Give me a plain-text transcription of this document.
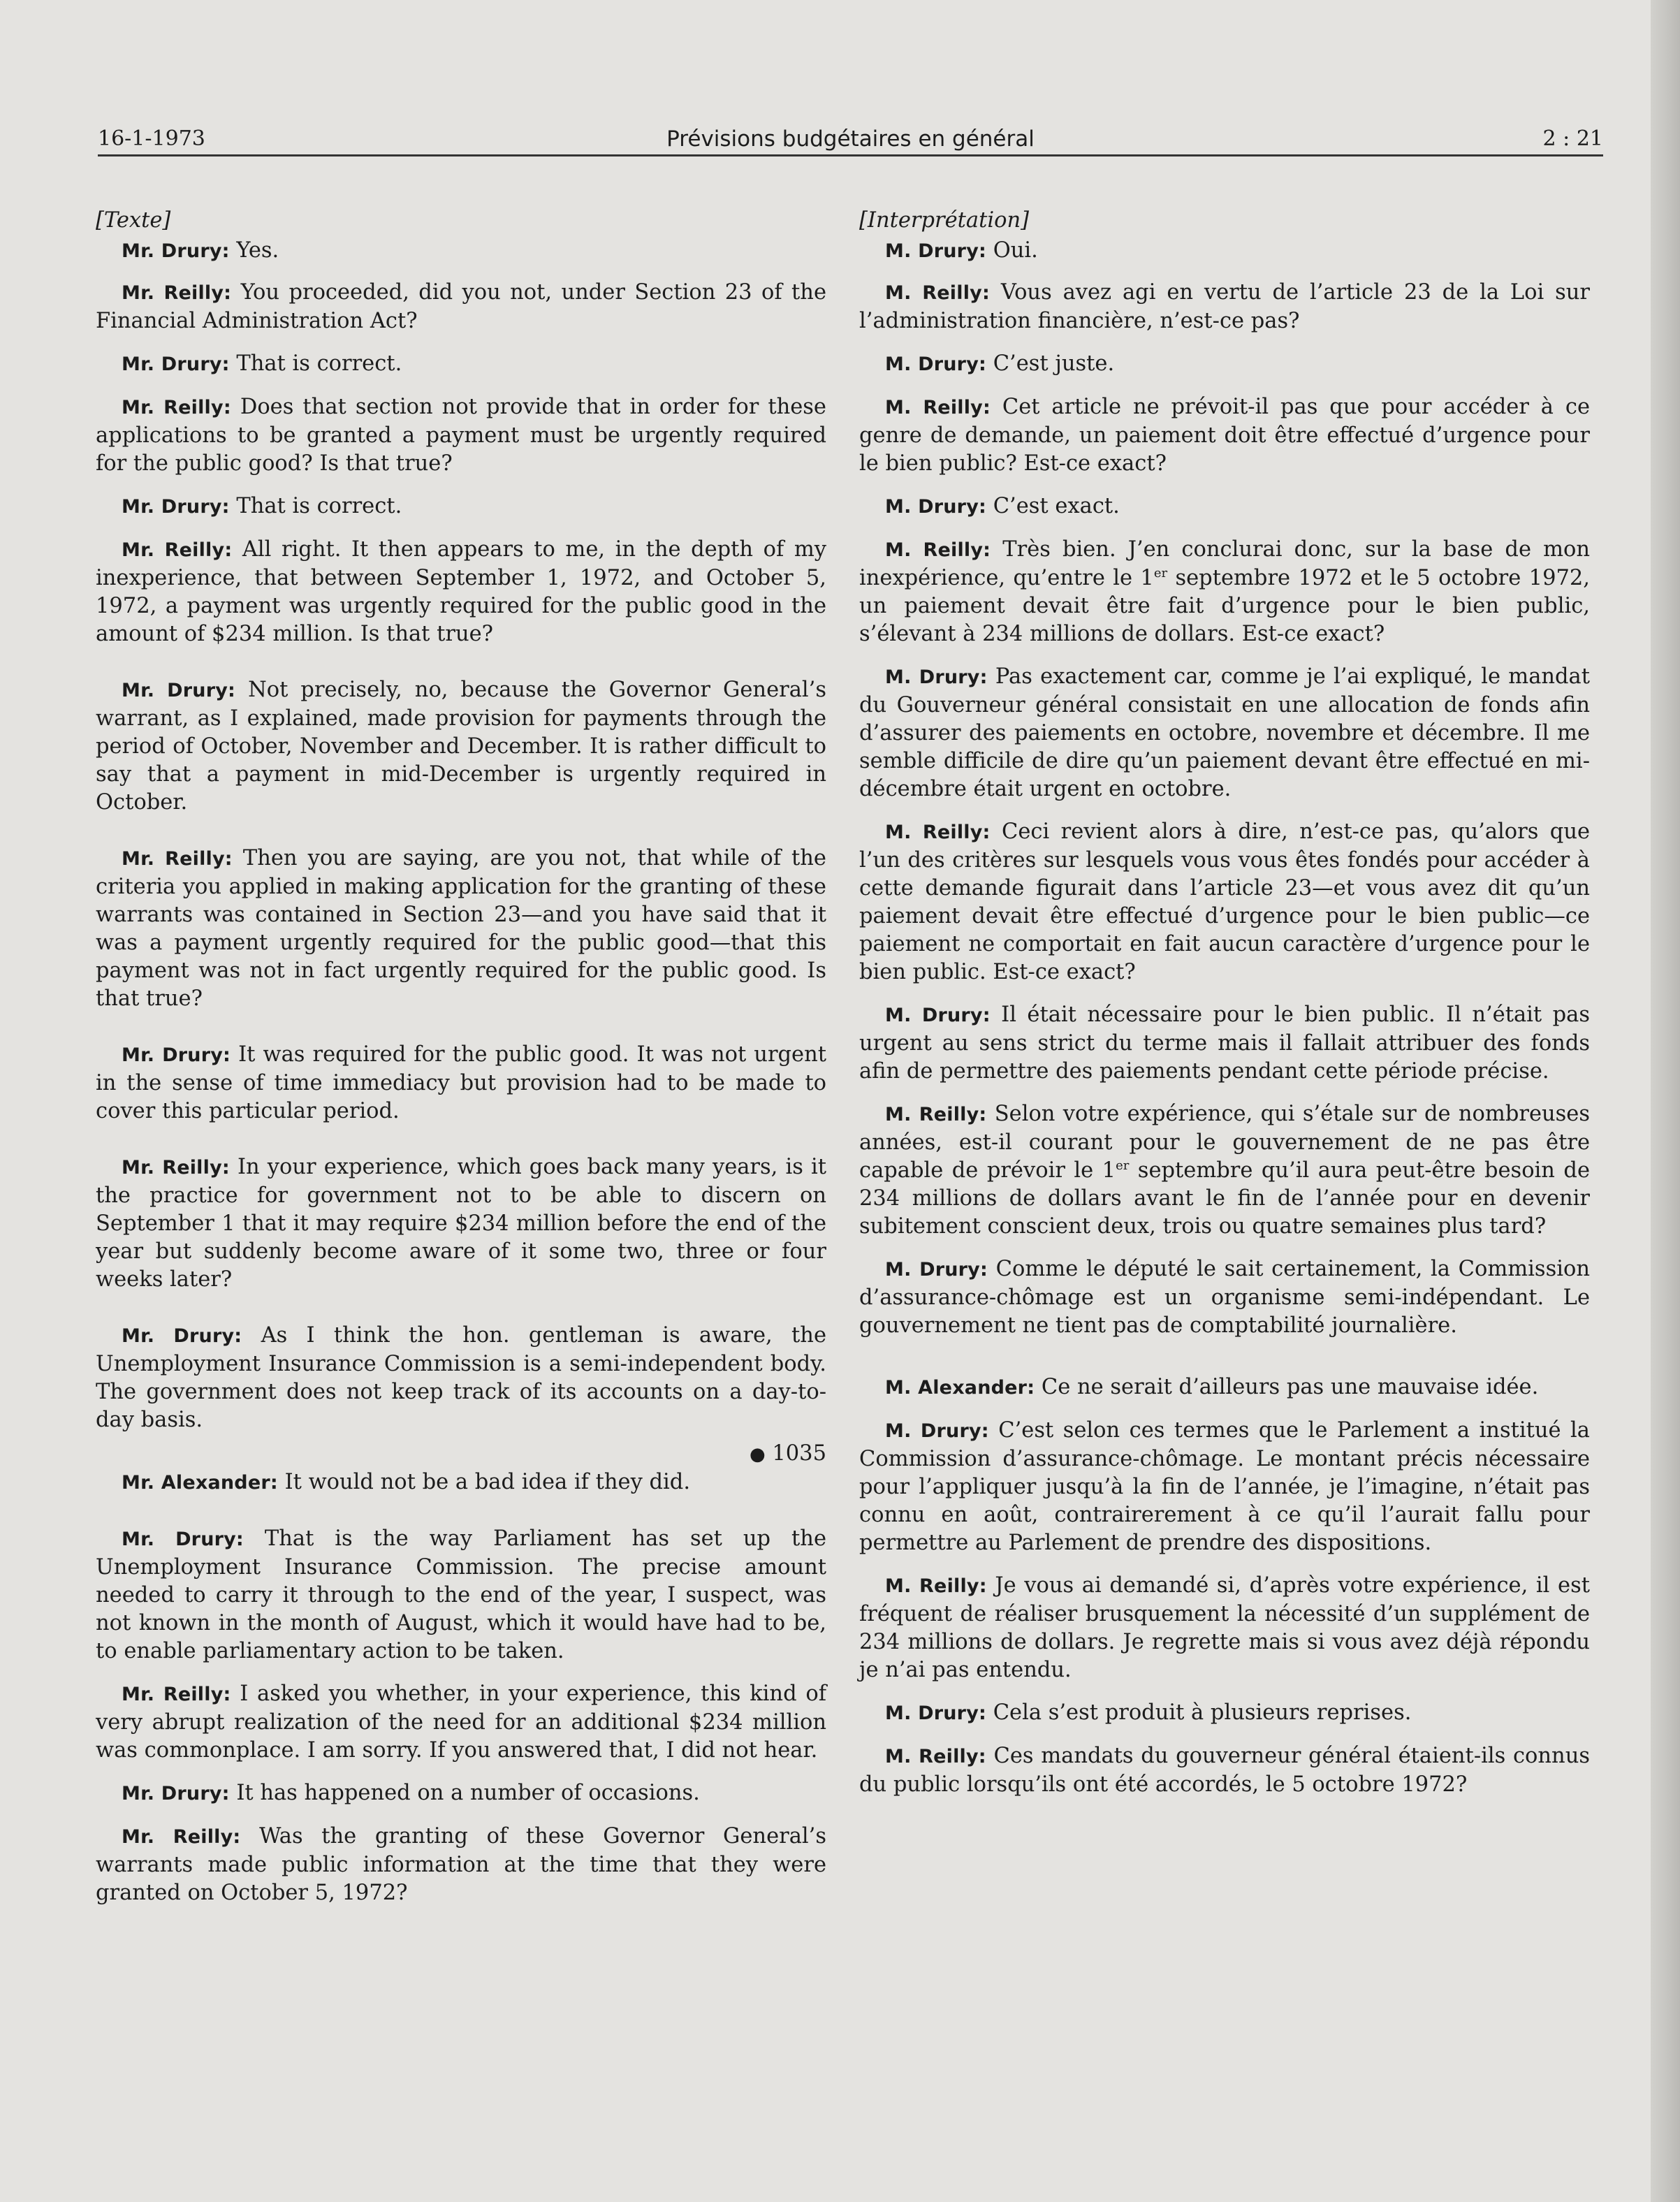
16-1-1973	Prévisions budgétaires en général	2 : 21
[Texte]

Mr. Drury: Yes.

Mr. Reilly: You proceeded, did you not, under Section 23 of the Financial Administration Act?

Mr. Drury: That is correct.

Mr. Reilly: Does that section not provide that in order for these applications to be granted a payment must be urgently required for the public good? Is that true?

Mr. Drury: That is correct.

Mr. Reilly: All right. It then appears to me, in the depth of my inexperience, that between September 1, 1972, and October 5, 1972, a payment was urgently required for the public good in the amount of $234 million. Is that true?

Mr. Drury: Not precisely, no, because the Governor General’s warrant, as I explained, made provision for payments through the period of October, November and December. It is rather difficult to say that a payment in mid-December is urgently required in October.

Mr. Reilly: Then you are saying, are you not, that while of the criteria you applied in making application for the granting of these warrants was contained in Section 23—and you have said that it was a payment urgently required for the public good—that this payment was not in fact urgently required for the public good. Is that true?

Mr. Drury: It was required for the public good. It was not urgent in the sense of time immediacy but provision had to be made to cover this particular period.

Mr. Reilly: In your experience, which goes back many years, is it the practice for government not to be able to discern on September 1 that it may require $234 million before the end of the year but suddenly become aware of it some two, three or four weeks later?

Mr. Drury: As I think the hon. gentleman is aware, the Unemployment Insurance Commission is a semi-independent body. The government does not keep track of its accounts on a day-to-day basis.

● 1035

Mr. Alexander: It would not be a bad idea if they did.

Mr. Drury: That is the way Parliament has set up the Unemployment Insurance Commission. The precise amount needed to carry it through to the end of the year, I suspect, was not known in the month of August, which it would have had to be, to enable parliamentary action to be taken.

Mr. Reilly: I asked you whether, in your experience, this kind of very abrupt realization of the need for an additional $234 million was commonplace. I am sorry. If you answered that, I did not hear.

Mr. Drury: It has happened on a number of occasions.

Mr. Reilly: Was the granting of these Governor General’s warrants made public information at the time that they were granted on October 5, 1972?

[Interprétation]

M. Drury: Oui.

M. Reilly: Vous avez agi en vertu de l’article 23 de la Loi sur l’administration financière, n’est-ce pas?

M. Drury: C’est juste.

M. Reilly: Cet article ne prévoit-il pas que pour accéder à ce genre de demande, un paiement doit être effectué d’urgence pour le bien public? Est-ce exact?

M. Drury: C’est exact.

M. Reilly: Très bien. J’en conclurai donc, sur la base de mon inexpérience, qu’entre le 1er septembre 1972 et le 5 octobre 1972, un paiement devait être fait d’urgence pour le bien public, s’élevant à 234 millions de dollars. Est-ce exact?

M. Drury: Pas exactement car, comme je l’ai expliqué, le mandat du Gouverneur général consistait en une allocation de fonds afin d’assurer des paiements en octobre, novembre et décembre. Il me semble difficile de dire qu’un paiement devant être effectué en mi-décembre était urgent en octobre.

M. Reilly: Ceci revient alors à dire, n’est-ce pas, qu’alors que l’un des critères sur lesquels vous vous êtes fondés pour accéder à cette demande figurait dans l’article 23—et vous avez dit qu’un paiement devait être effectué d’urgence pour le bien public—ce paiement ne comportait en fait aucun caractère d’urgence pour le bien public. Est-ce exact?

M. Drury: Il était nécessaire pour le bien public. Il n’était pas urgent au sens strict du terme mais il fallait attribuer des fonds afin de permettre des paiements pendant cette période précise.

M. Reilly: Selon votre expérience, qui s’étale sur de nombreuses années, est-il courant pour le gouvernement de ne pas être capable de prévoir le 1er septembre qu’il aura peut-être besoin de 234 millions de dollars avant le fin de l’année pour en devenir subitement conscient deux, trois ou quatre semaines plus tard?

M. Drury: Comme le député le sait certainement, la Commission d’assurance-chômage est un organisme semi-indépendant. Le gouvernement ne tient pas de comptabilité journalière.

M. Alexander: Ce ne serait d’ailleurs pas une mauvaise idée.

M. Drury: C’est selon ces termes que le Parlement a institué la Commission d’assurance-chômage. Le montant précis nécessaire pour l’appliquer jusqu’à la fin de l’année, je l’imagine, n’était pas connu en août, contrairerement à ce qu’il l’aurait fallu pour permettre au Parlement de prendre des dispositions.

M. Reilly: Je vous ai demandé si, d’après votre expérience, il est fréquent de réaliser brusquement la nécessité d’un supplément de 234 millions de dollars. Je regrette mais si vous avez déjà répondu je n’ai pas entendu.

M. Drury: Cela s’est produit à plusieurs reprises.

M. Reilly: Ces mandats du gouverneur général étaient-ils connus du public lorsqu’ils ont été accordés, le 5 octobre 1972?
